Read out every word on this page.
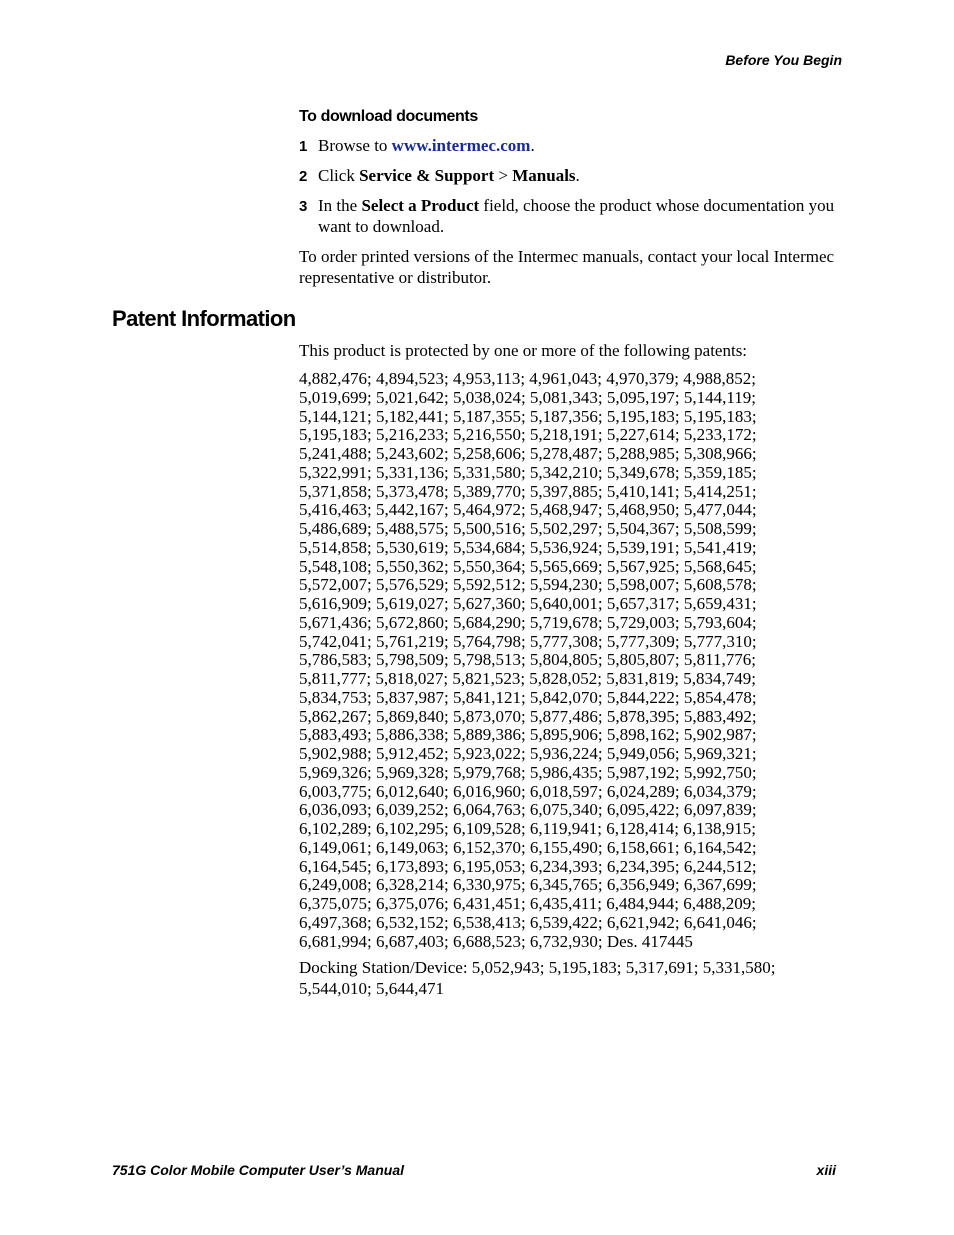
Before You Begin
To download documents
1 Browse to www.intermec.com.
2 Click Service & Support > Manuals.
3 In the Select a Product field, choose the product whose documentation you want to download.

To order printed versions of the Intermec manuals, contact your local Intermec representative or distributor.

Patent Information

This product is protected by one or more of the following patents:

4,882,476; 4,894,523; 4,953,113; 4,961,043; 4,970,379; 4,988,852;
5,019,699; 5,021,642; 5,038,024; 5,081,343; 5,095,197; 5,144,119;
5,144,121; 5,182,441; 5,187,355; 5,187,356; 5,195,183; 5,195,183;
5,195,183; 5,216,233; 5,216,550; 5,218,191; 5,227,614; 5,233,172;
5,241,488; 5,243,602; 5,258,606; 5,278,487; 5,288,985; 5,308,966;
5,322,991; 5,331,136; 5,331,580; 5,342,210; 5,349,678; 5,359,185;
5,371,858; 5,373,478; 5,389,770; 5,397,885; 5,410,141; 5,414,251;
5,416,463; 5,442,167; 5,464,972; 5,468,947; 5,468,950; 5,477,044;
5,486,689; 5,488,575; 5,500,516; 5,502,297; 5,504,367; 5,508,599;
5,514,858; 5,530,619; 5,534,684; 5,536,924; 5,539,191; 5,541,419;
5,548,108; 5,550,362; 5,550,364; 5,565,669; 5,567,925; 5,568,645;
5,572,007; 5,576,529; 5,592,512; 5,594,230; 5,598,007; 5,608,578;
5,616,909; 5,619,027; 5,627,360; 5,640,001; 5,657,317; 5,659,431;
5,671,436; 5,672,860; 5,684,290; 5,719,678; 5,729,003; 5,793,604;
5,742,041; 5,761,219; 5,764,798; 5,777,308; 5,777,309; 5,777,310;
5,786,583; 5,798,509; 5,798,513; 5,804,805; 5,805,807; 5,811,776;
5,811,777; 5,818,027; 5,821,523; 5,828,052; 5,831,819; 5,834,749;
5,834,753; 5,837,987; 5,841,121; 5,842,070; 5,844,222; 5,854,478;
5,862,267; 5,869,840; 5,873,070; 5,877,486; 5,878,395; 5,883,492;
5,883,493; 5,886,338; 5,889,386; 5,895,906; 5,898,162; 5,902,987;
5,902,988; 5,912,452; 5,923,022; 5,936,224; 5,949,056; 5,969,321;
5,969,326; 5,969,328; 5,979,768; 5,986,435; 5,987,192; 5,992,750;
6,003,775; 6,012,640; 6,016,960; 6,018,597; 6,024,289; 6,034,379;
6,036,093; 6,039,252; 6,064,763; 6,075,340; 6,095,422; 6,097,839;
6,102,289; 6,102,295; 6,109,528; 6,119,941; 6,128,414; 6,138,915;
6,149,061; 6,149,063; 6,152,370; 6,155,490; 6,158,661; 6,164,542;
6,164,545; 6,173,893; 6,195,053; 6,234,393; 6,234,395; 6,244,512;
6,249,008; 6,328,214; 6,330,975; 6,345,765; 6,356,949; 6,367,699;
6,375,075; 6,375,076; 6,431,451; 6,435,411; 6,484,944; 6,488,209;
6,497,368; 6,532,152; 6,538,413; 6,539,422; 6,621,942; 6,641,046;
6,681,994; 6,687,403; 6,688,523; 6,732,930; Des. 417445

Docking Station/Device: 5,052,943; 5,195,183; 5,317,691; 5,331,580; 5,544,010; 5,644,471

751G Color Mobile Computer User’s Manual	xiii
